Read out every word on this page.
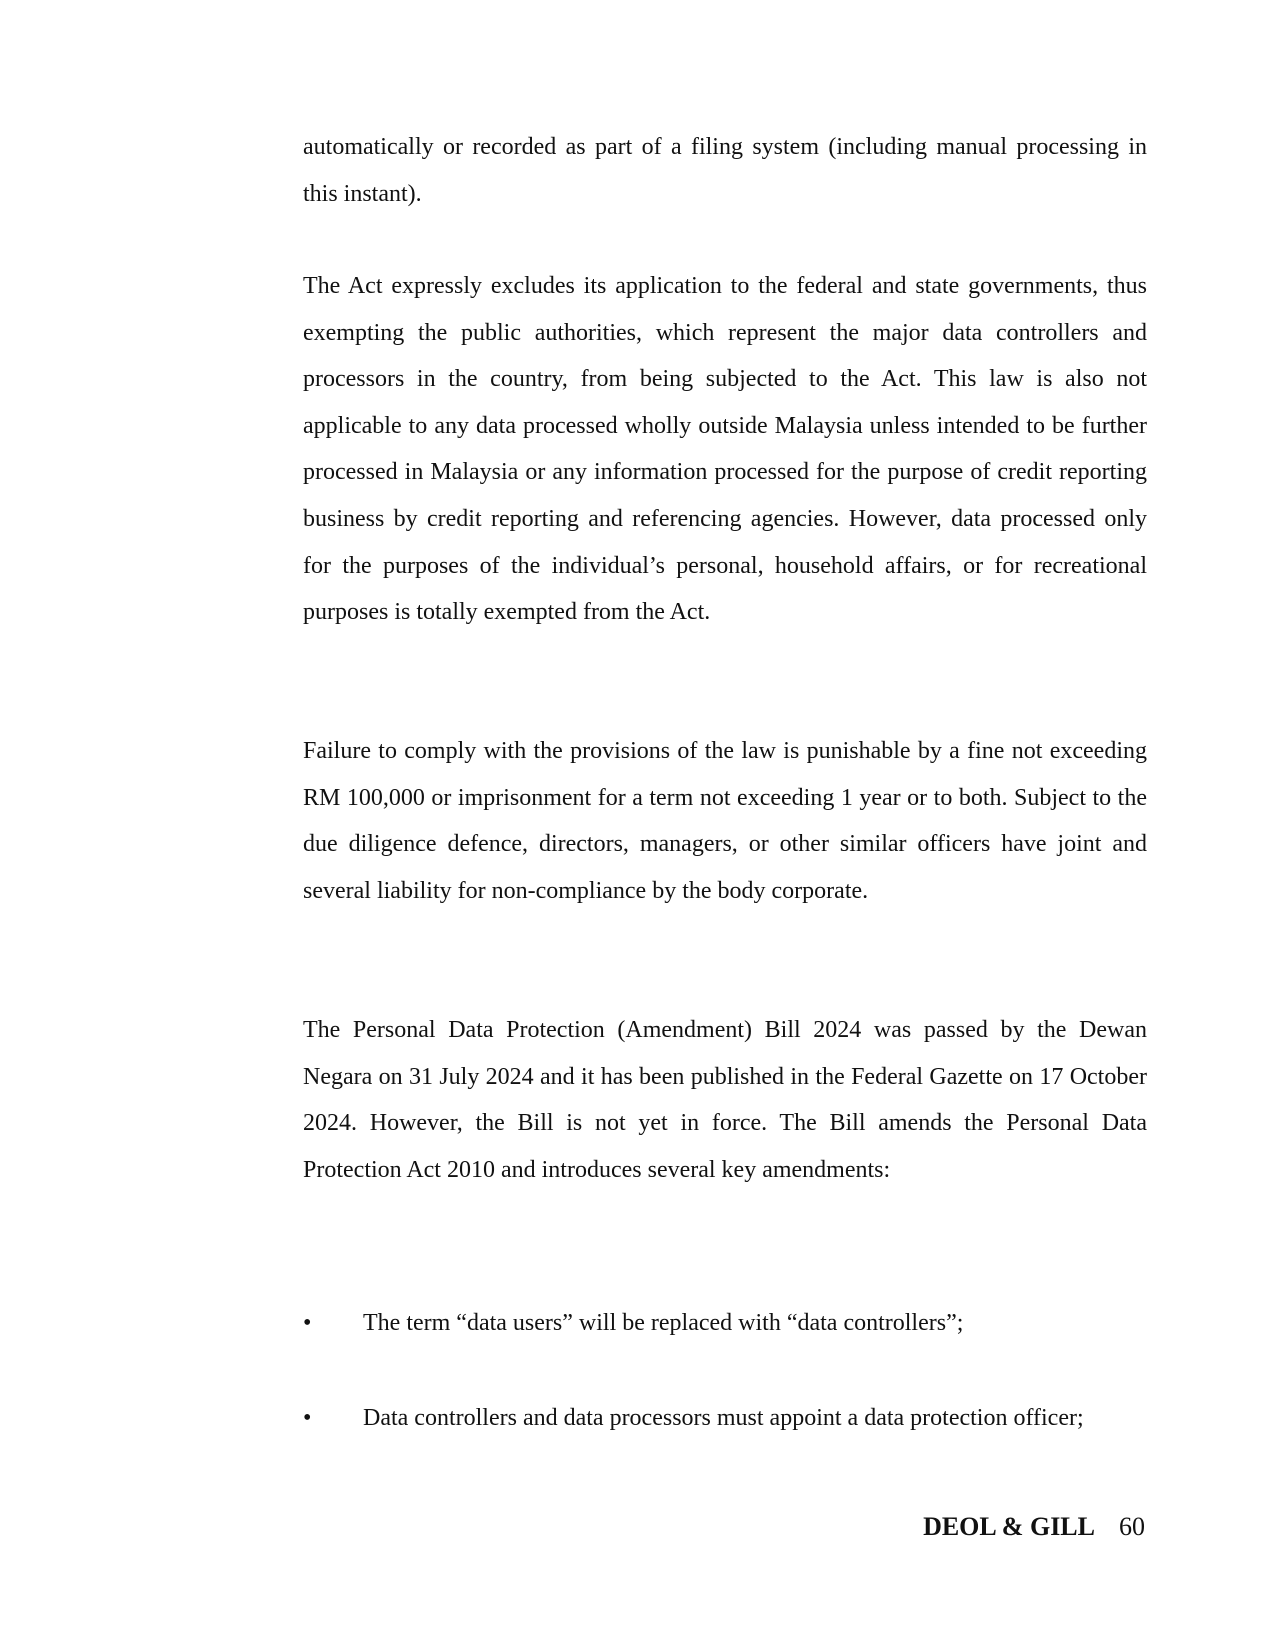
automatically or recorded as part of a filing system (including manual processing in this instant).

The Act expressly excludes its application to the federal and state governments, thus exempting the public authorities, which represent the major data controllers and processors in the country, from being subjected to the Act. This law is also not applicable to any data processed wholly outside Malaysia unless intended to be further processed in Malaysia or any information processed for the purpose of credit reporting business by credit reporting and referencing agencies. However, data processed only for the purposes of the individual’s personal, household affairs, or for recreational purposes is totally exempted from the Act.

Failure to comply with the provisions of the law is punishable by a fine not exceeding RM 100,000 or imprisonment for a term not exceeding 1 year or to both. Subject to the due diligence defence, directors, managers, or other similar officers have joint and several liability for non-compliance by the body corporate.

The Personal Data Protection (Amendment) Bill 2024 was passed by the Dewan Negara on 31 July 2024 and it has been published in the Federal Gazette on 17 October 2024. However, the Bill is not yet in force. The Bill amends the Personal Data Protection Act 2010 and introduces several key amendments:

•	The term “data users” will be replaced with “data controllers”;
•	Data controllers and data processors must appoint a data protection officer;
DEOL & GILL 60
